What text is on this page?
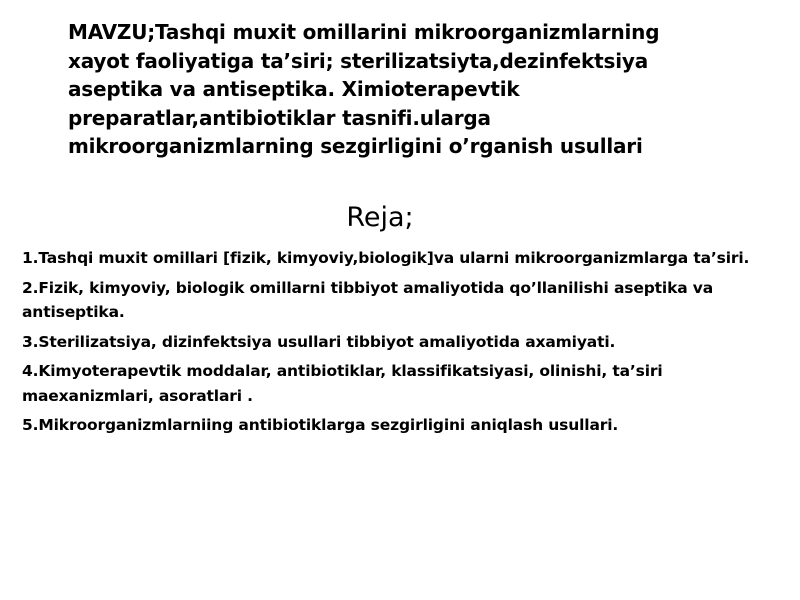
MAVZU;Tashqi muxit omillarini mikroorganizmlarning xayot faoliyatiga ta’siri; sterilizatsiyta,dezinfektsiya aseptika va antiseptika. Ximioterapevtik preparatlar,antibiotiklar tasnifi.ularga mikroorganizmlarning sezgirligini o’rganish usullari
Reja;
1.Tashqi muxit omillari [fizik, kimyoviy,biologik]va ularni mikroorganizmlarga ta’siri.
2.Fizik, kimyoviy, biologik omillarni tibbiyot amaliyotida qo’llanilishi aseptika va antiseptika.
3.Sterilizatsiya, dizinfektsiya usullari tibbiyot amaliyotida axamiyati.
4.Kimyoterapevtik moddalar, antibiotiklar, klassifikatsiyasi, olinishi, ta’siri maexanizmlari, asoratlari .
5.Mikroorganizmlarniing antibiotiklarga sezgirligini aniqlash usullari.
